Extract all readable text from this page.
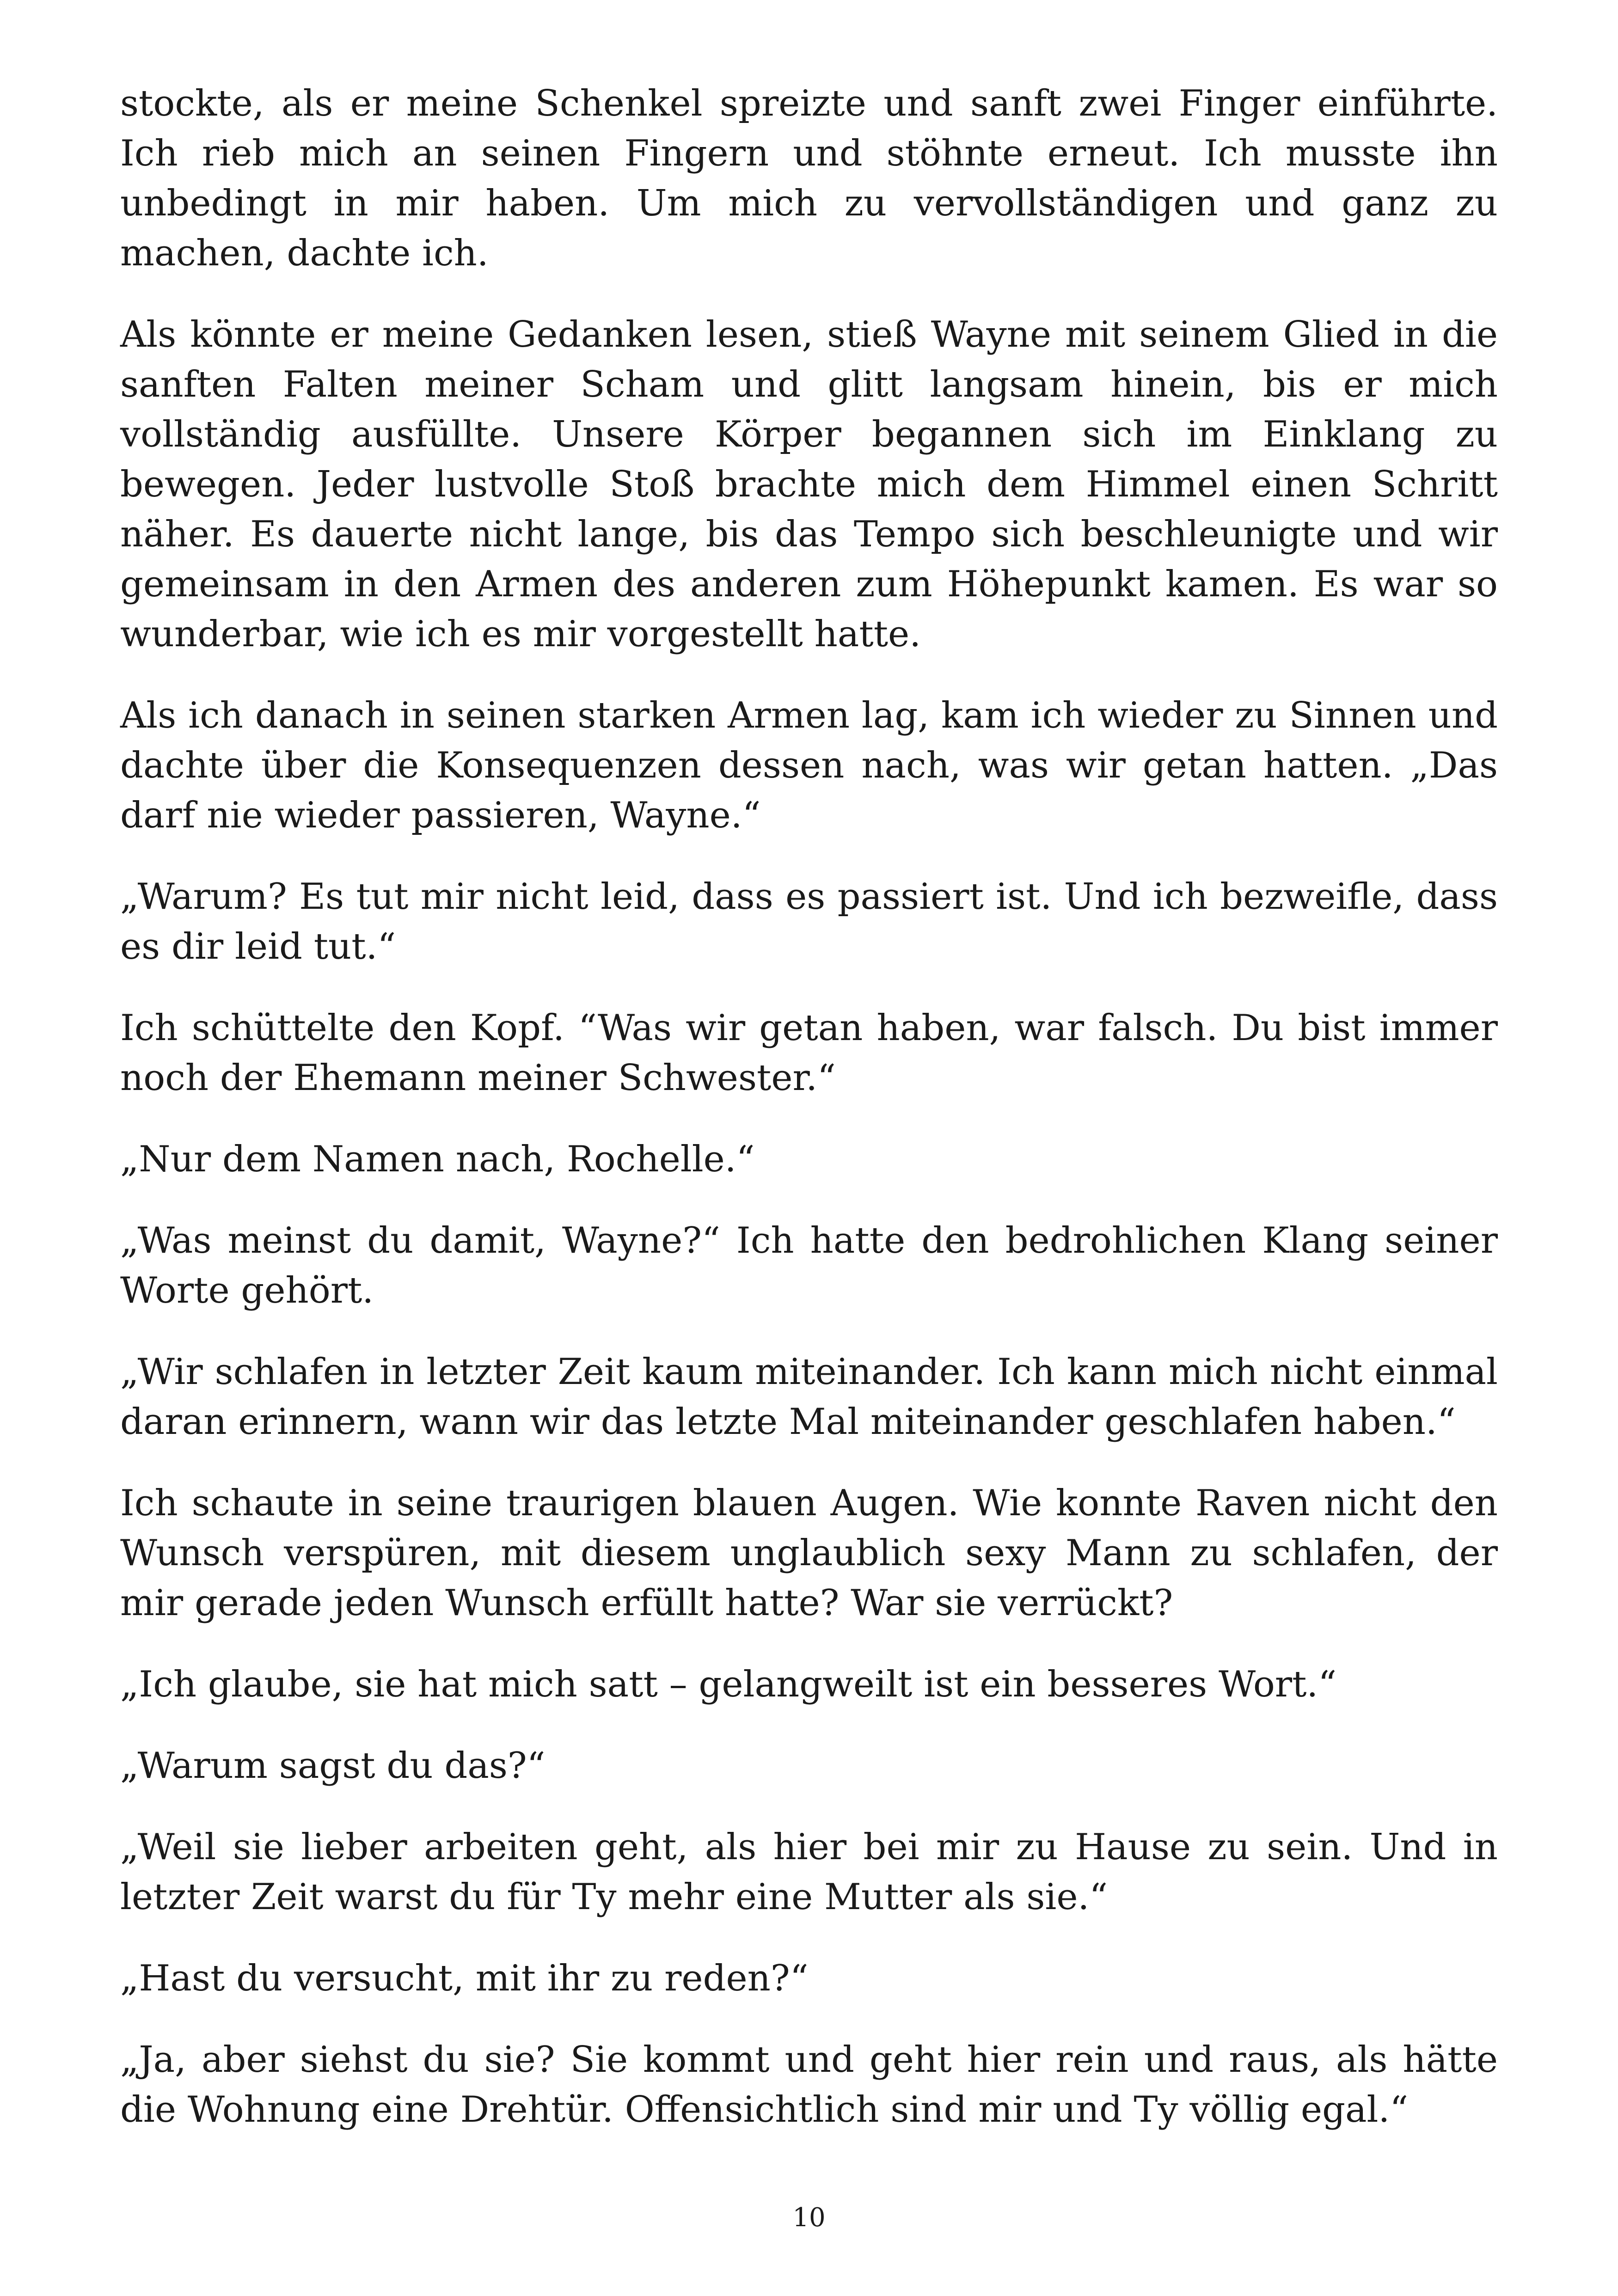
stockte, als er meine Schenkel spreizte und sanft zwei Finger einführte. Ich rieb mich an seinen Fingern und stöhnte erneut. Ich musste ihn unbedingt in mir haben. Um mich zu vervollständigen und ganz zu machen, dachte ich.

Als könnte er meine Gedanken lesen, stieß Wayne mit seinem Glied in die sanften Falten meiner Scham und glitt langsam hinein, bis er mich vollständig ausfüllte. Unsere Körper begannen sich im Einklang zu bewegen. Jeder lustvolle Stoß brachte mich dem Himmel einen Schritt näher. Es dauerte nicht lange, bis das Tempo sich beschleunigte und wir gemeinsam in den Armen des anderen zum Höhepunkt kamen. Es war so wunderbar, wie ich es mir vorgestellt hatte.

Als ich danach in seinen starken Armen lag, kam ich wieder zu Sinnen und dachte über die Konsequenzen dessen nach, was wir getan hatten. „Das darf nie wieder passieren, Wayne.“

„Warum? Es tut mir nicht leid, dass es passiert ist. Und ich bezweifle, dass es dir leid tut.“

Ich schüttelte den Kopf. “Was wir getan haben, war falsch. Du bist immer noch der Ehemann meiner Schwester.“

„Nur dem Namen nach, Rochelle.“

„Was meinst du damit, Wayne?“ Ich hatte den bedrohlichen Klang seiner Worte gehört.

„Wir schlafen in letzter Zeit kaum miteinander. Ich kann mich nicht einmal daran erinnern, wann wir das letzte Mal miteinander geschlafen haben.“

Ich schaute in seine traurigen blauen Augen. Wie konnte Raven nicht den Wunsch verspüren, mit diesem unglaublich sexy Mann zu schlafen, der mir gerade jeden Wunsch erfüllt hatte? War sie verrückt?

„Ich glaube, sie hat mich satt – gelangweilt ist ein besseres Wort.“

„Warum sagst du das?“

„Weil sie lieber arbeiten geht, als hier bei mir zu Hause zu sein. Und in letzter Zeit warst du für Ty mehr eine Mutter als sie.“

„Hast du versucht, mit ihr zu reden?“

„Ja, aber siehst du sie? Sie kommt und geht hier rein und raus, als hätte die Wohnung eine Drehtür. Offensichtlich sind mir und Ty völlig egal.“

10
